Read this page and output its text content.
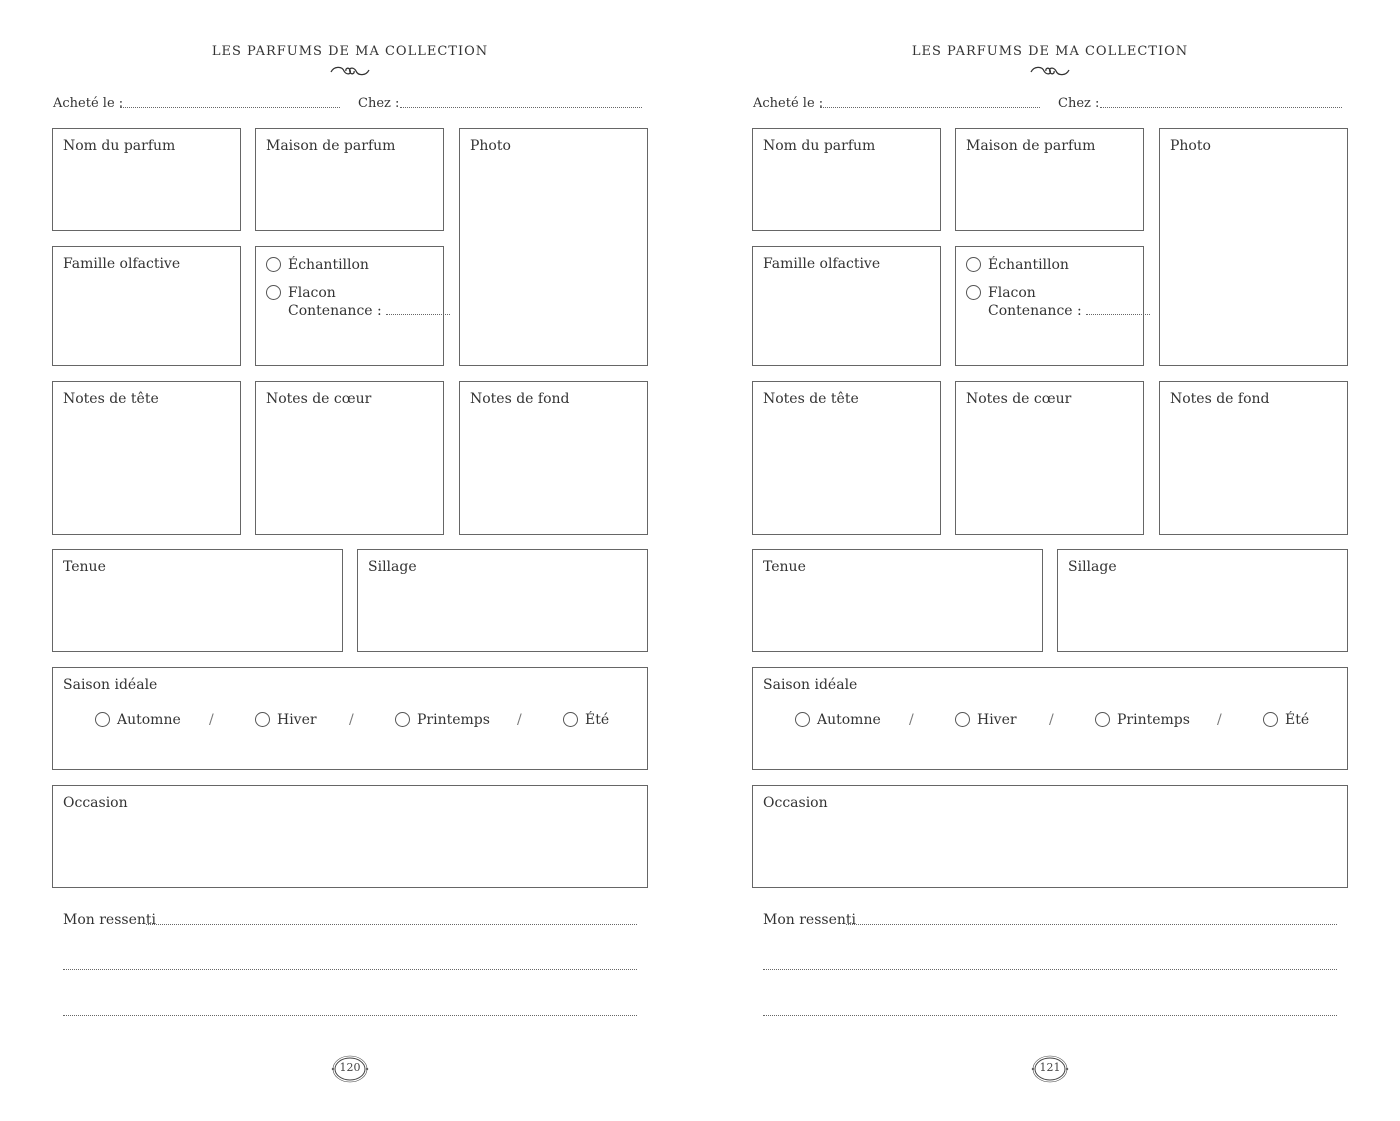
LES PARFUMS DE MA COLLECTION
Acheté le :	Chez :
Nom du parfum	Maison de parfum	Photo
Famille olfactive	Échantillon
Flacon
Contenance :
Notes de tête	Notes de cœur	Notes de fond
Tenue	Sillage
Saison idéale
Automne /	Hiver /	Printemps /	Été
Occasion
Mon ressenti
120
LES PARFUMS DE MA COLLECTION
Acheté le :	Chez :
Nom du parfum	Maison de parfum	Photo
Famille olfactive	Échantillon
Flacon
Contenance :
Notes de tête	Notes de cœur	Notes de fond
Tenue	Sillage
Saison idéale
Automne /	Hiver /	Printemps /	Été
Occasion
Mon ressenti
121
